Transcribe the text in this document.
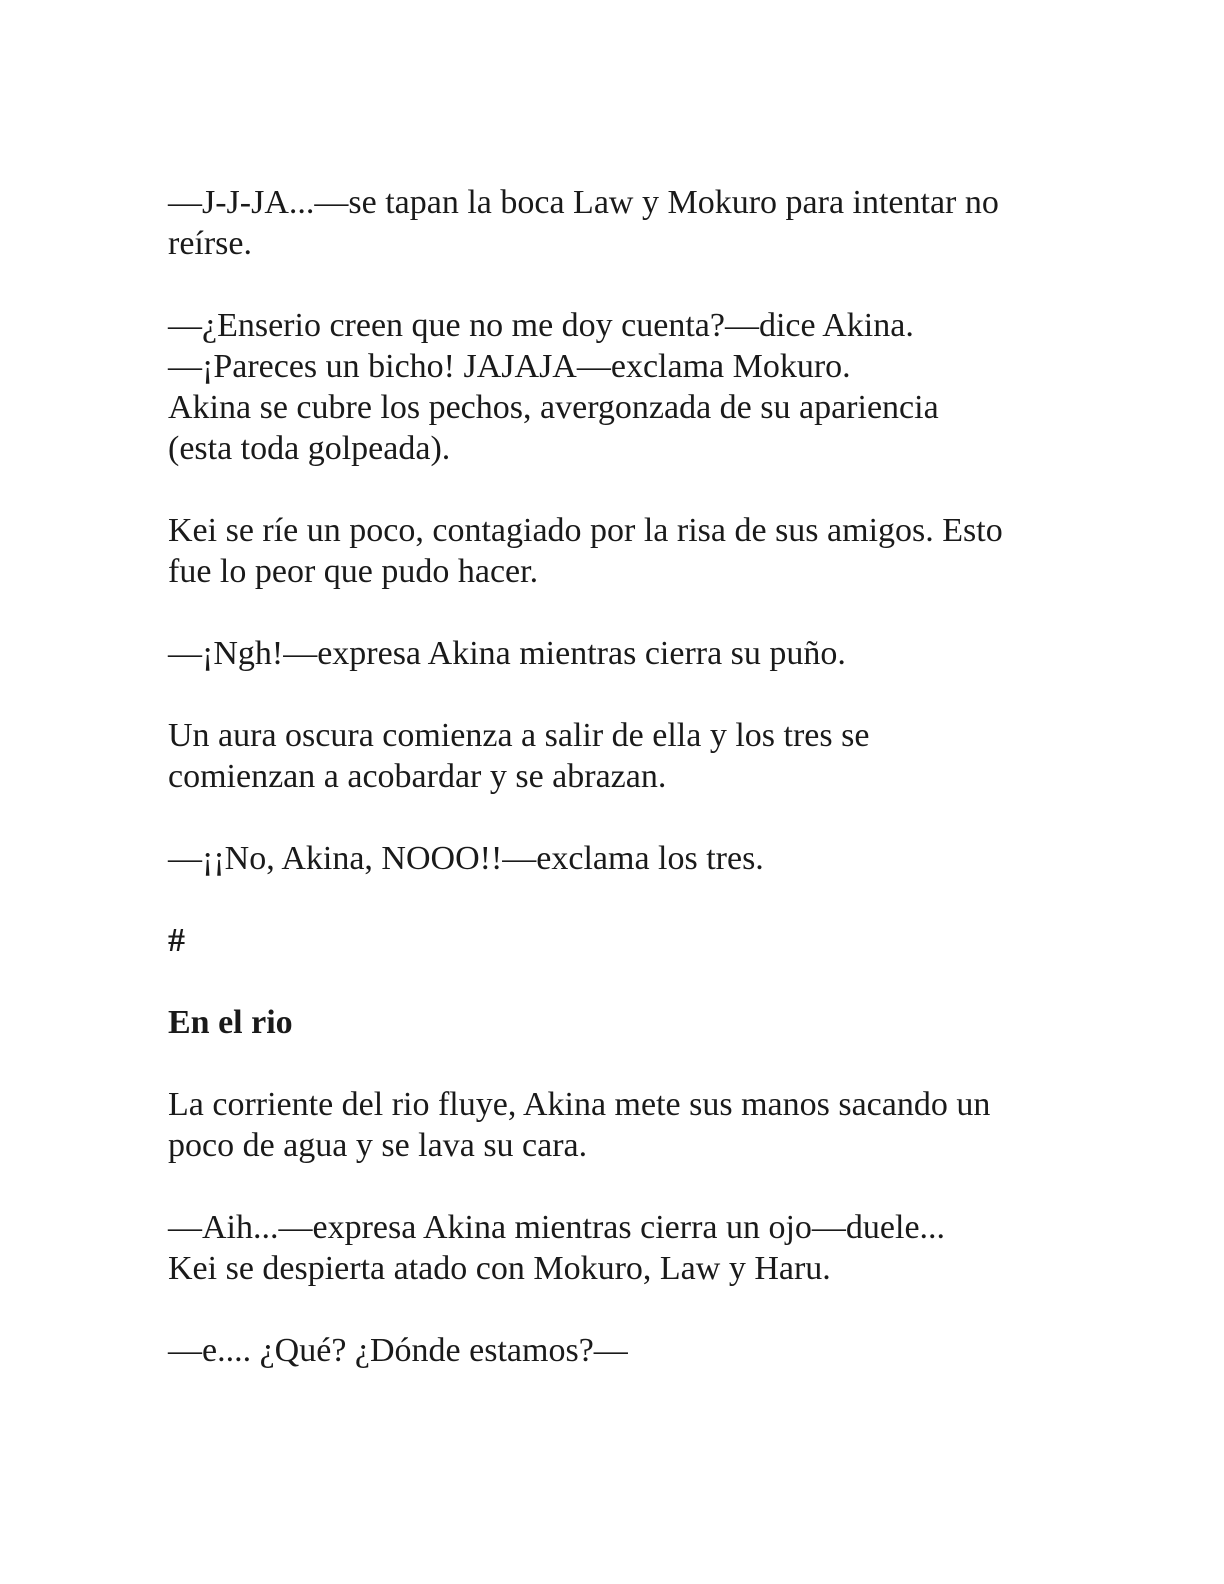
—J-J-JA...—se tapan la boca Law y Mokuro para intentar no

reírse.

—¿Enserio creen que no me doy cuenta?—dice Akina.

—¡Pareces un bicho! JAJAJA—exclama Mokuro.

Akina se cubre los pechos, avergonzada de su apariencia

(esta toda golpeada).

Kei se ríe un poco, contagiado por la risa de sus amigos. Esto

fue lo peor que pudo hacer.

—¡Ngh!—expresa Akina mientras cierra su puño.

Un aura oscura comienza a salir de ella y los tres se

comienzan a acobardar y se abrazan.

—¡¡No, Akina, NOOO!!—exclama los tres.

#

En el rio

La corriente del rio fluye, Akina mete sus manos sacando un

poco de agua y se lava su cara.

—Aih...—expresa Akina mientras cierra un ojo—duele...

Kei se despierta atado con Mokuro, Law y Haru.

—e.... ¿Qué? ¿Dónde estamos?—
